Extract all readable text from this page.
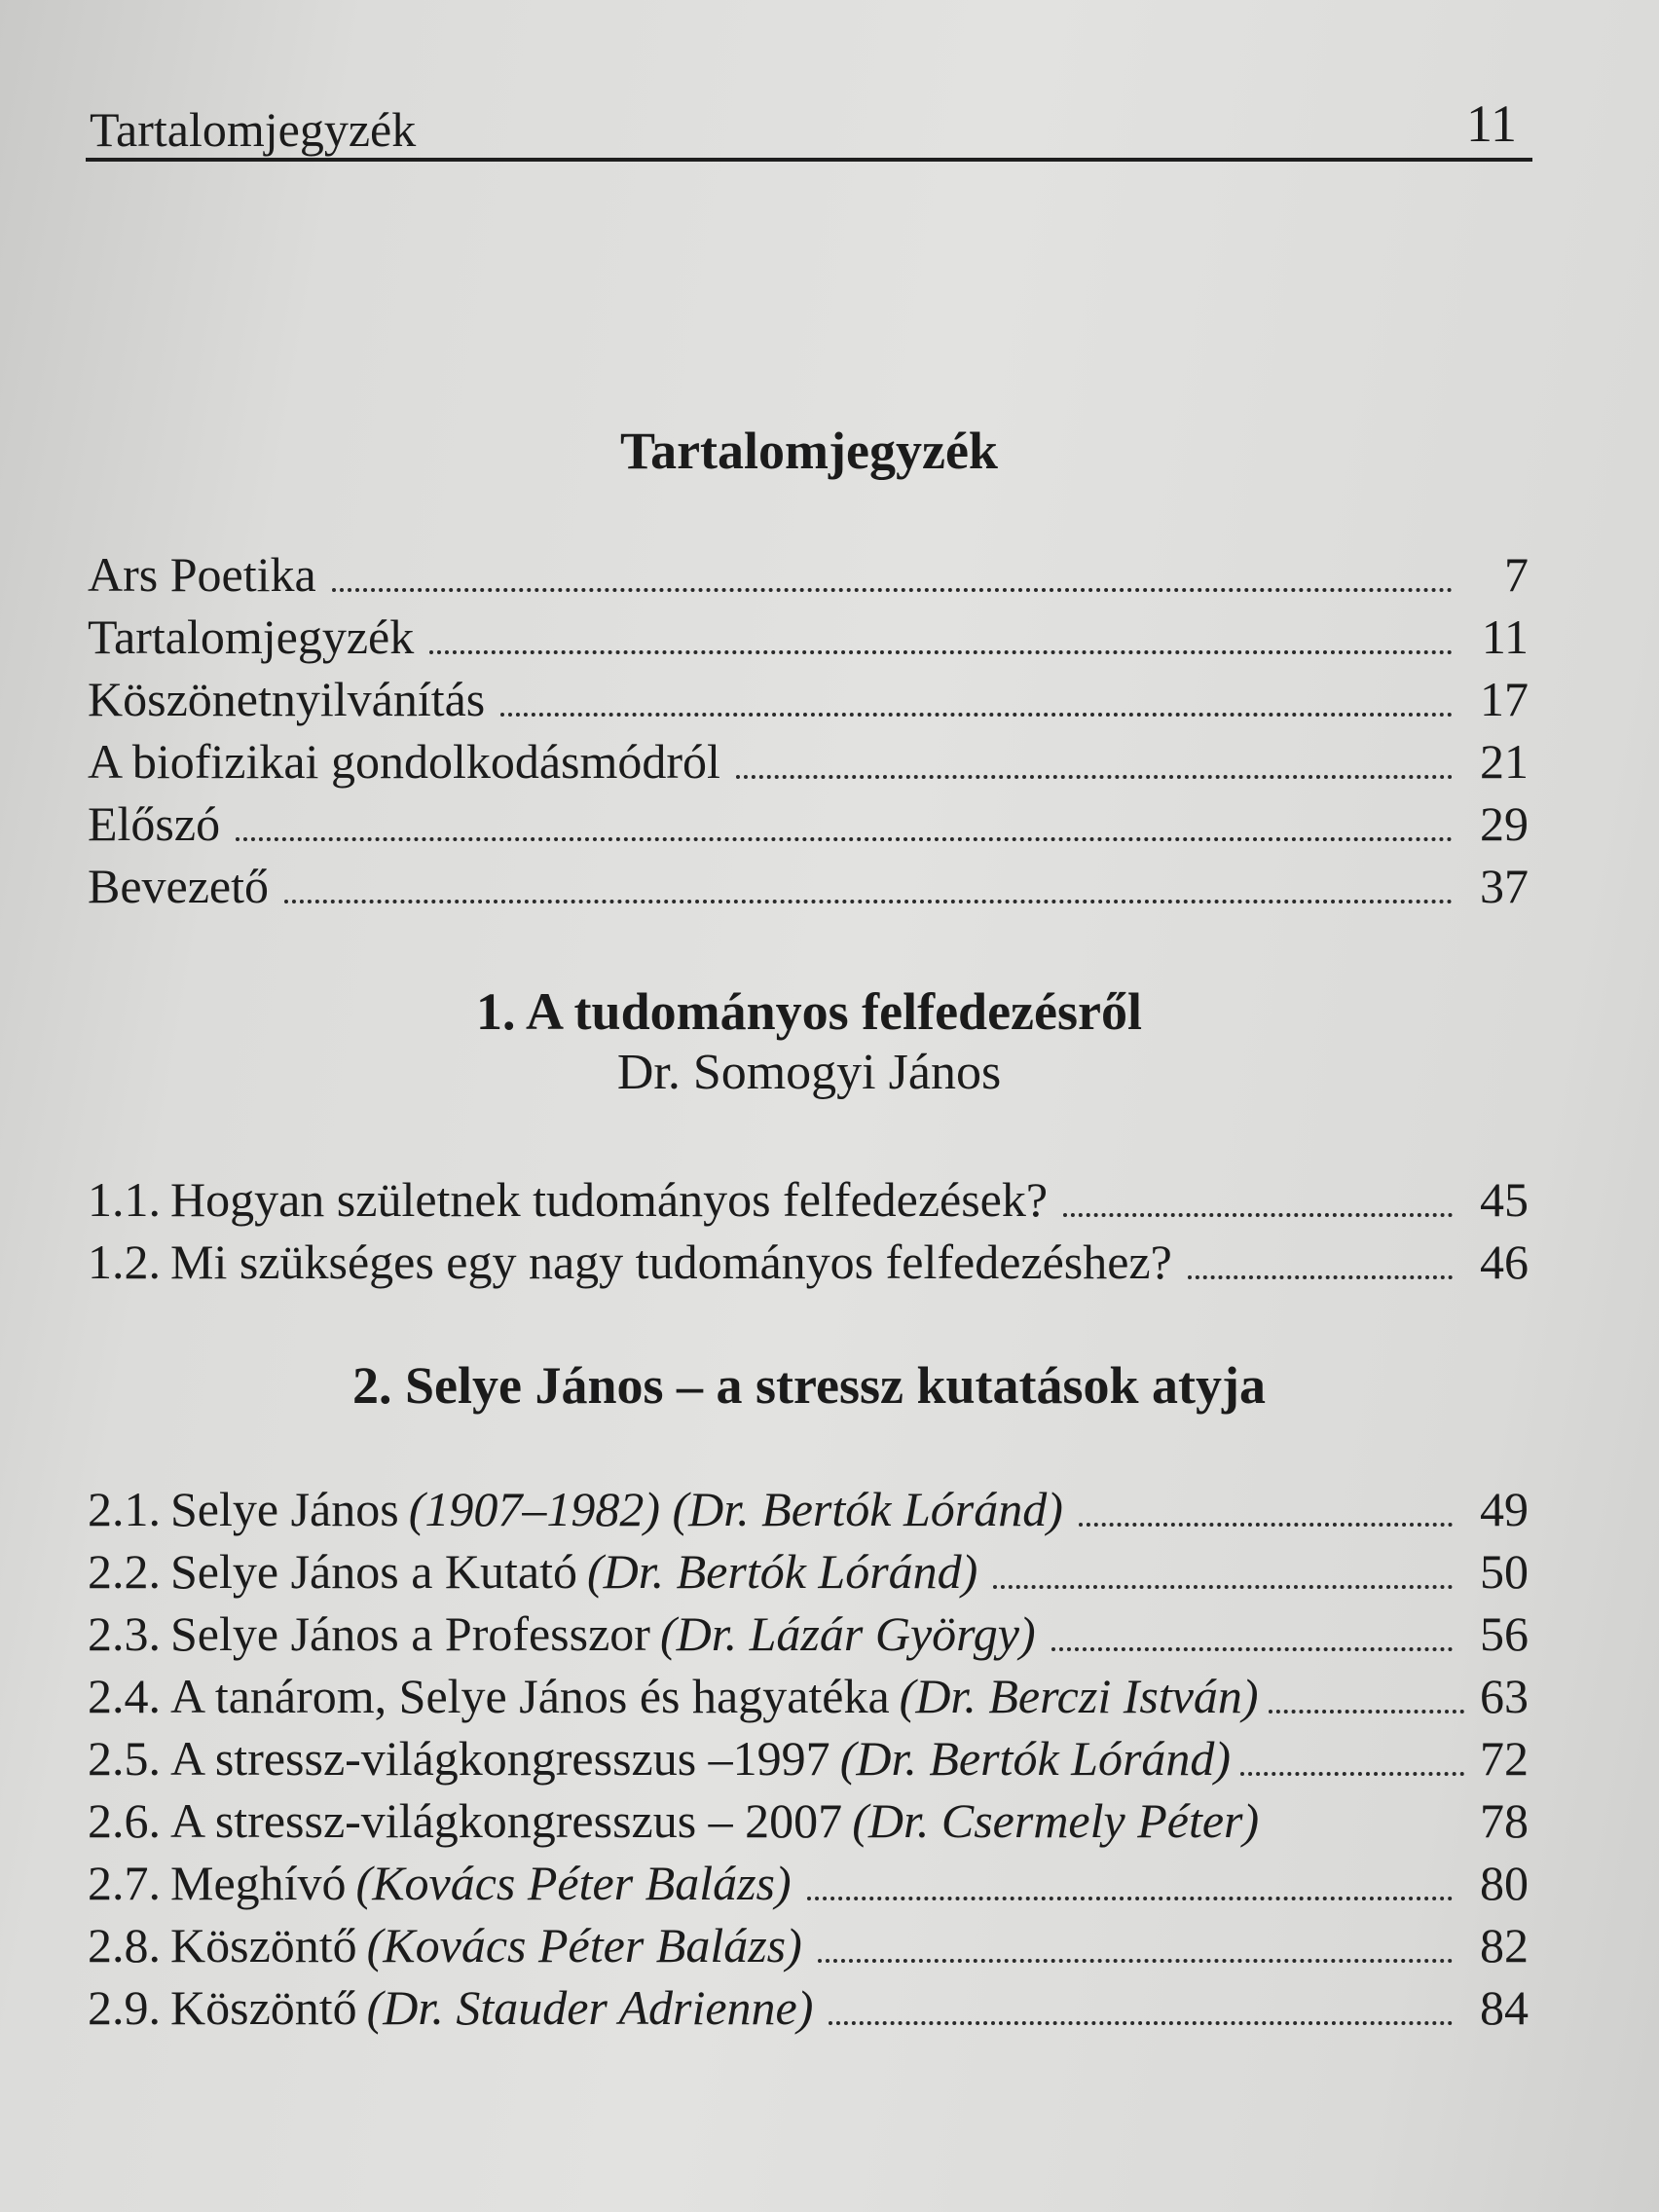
Tartalomjegyzék	11
Tartalomjegyzék
Ars Poetika	7
Tartalomjegyzék	11
Köszönetnyilvánítás	17
A biofizikai gondolkodásmódról	21
Előszó	29
Bevezető	37
1. A tudományos felfedezésről
Dr. Somogyi János
1.1. Hogyan születnek tudományos felfedezések?	45
1.2. Mi szükséges egy nagy tudományos felfedezéshez?	46
2. Selye János – a stressz kutatások atyja
2.1. Selye János (1907–1982) (Dr. Bertók Lóránd)	49
2.2. Selye János a Kutató (Dr. Bertók Lóránd)	50
2.3. Selye János a Professzor (Dr. Lázár György)	56
2.4. A tanárom, Selye János és hagyatéka (Dr. Berczi István)	63
2.5. A stressz-világkongresszus –1997 (Dr. Bertók Lóránd)	72
2.6. A stressz-világkongresszus – 2007 (Dr. Csermely Péter)	78
2.7. Meghívó (Kovács Péter Balázs)	80
2.8. Köszöntő (Kovács Péter Balázs)	82
2.9. Köszöntő (Dr. Stauder Adrienne)	84
